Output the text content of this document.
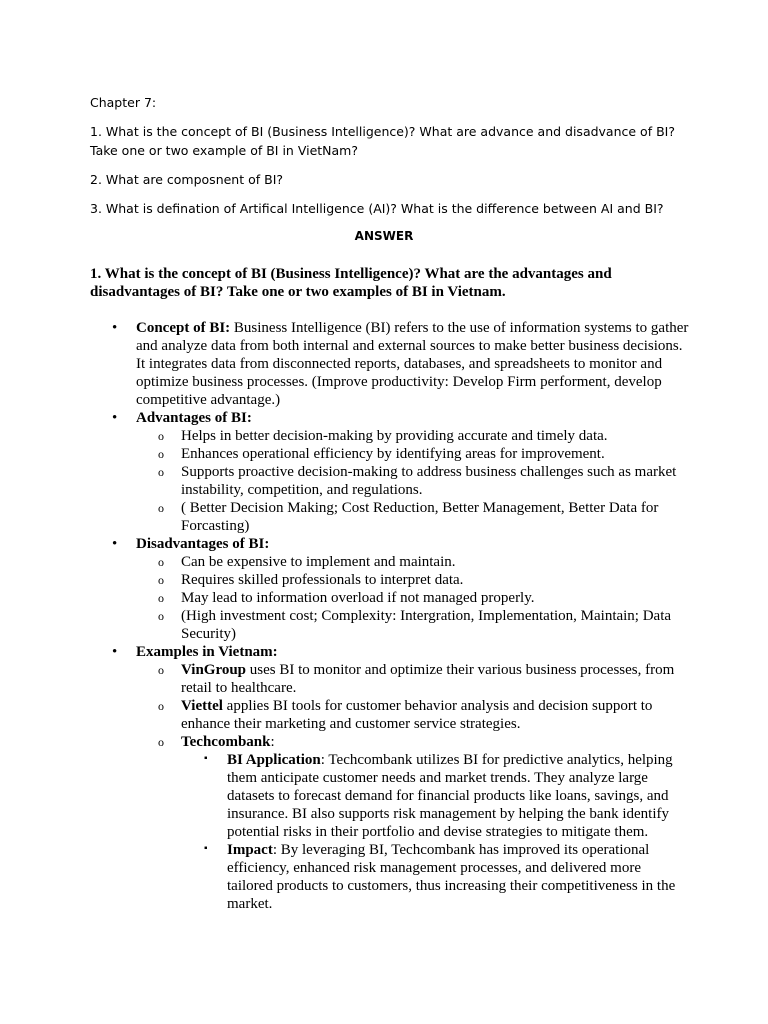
Chapter 7:

1. What is the concept of BI (Business Intelligence)? What are advance and disadvance of BI? Take one or two example of BI in VietNam?

2. What are composnent of BI?

3. What is defination of Artifical Intelligence (AI)? What is the difference between AI and BI?

ANSWER

1. What is the concept of BI (Business Intelligence)? What are the advantages and disadvantages of BI? Take one or two examples of BI in Vietnam.

• Concept of BI: Business Intelligence (BI) refers to the use of information systems to gather and analyze data from both internal and external sources to make better business decisions. It integrates data from disconnected reports, databases, and spreadsheets to monitor and optimize business processes. (Improve productivity: Develop Firm performent, develop competitive advantage.)
• Advantages of BI:
o Helps in better decision-making by providing accurate and timely data.
o Enhances operational efficiency by identifying areas for improvement.
o Supports proactive decision-making to address business challenges such as market instability, competition, and regulations.
o ( Better Decision Making; Cost Reduction, Better Management, Better Data for Forcasting)
• Disadvantages of BI:
o Can be expensive to implement and maintain.
o Requires skilled professionals to interpret data.
o May lead to information overload if not managed properly.
o (High investment cost; Complexity: Intergration, Implementation, Maintain; Data Security)
• Examples in Vietnam:
o VinGroup uses BI to monitor and optimize their various business processes, from retail to healthcare.
o Viettel applies BI tools for customer behavior analysis and decision support to enhance their marketing and customer service strategies.
o Techcombank:
▪ BI Application: Techcombank utilizes BI for predictive analytics, helping them anticipate customer needs and market trends. They analyze large datasets to forecast demand for financial products like loans, savings, and insurance. BI also supports risk management by helping the bank identify potential risks in their portfolio and devise strategies to mitigate them.
▪ Impact: By leveraging BI, Techcombank has improved its operational efficiency, enhanced risk management processes, and delivered more tailored products to customers, thus increasing their competitiveness in the market.
